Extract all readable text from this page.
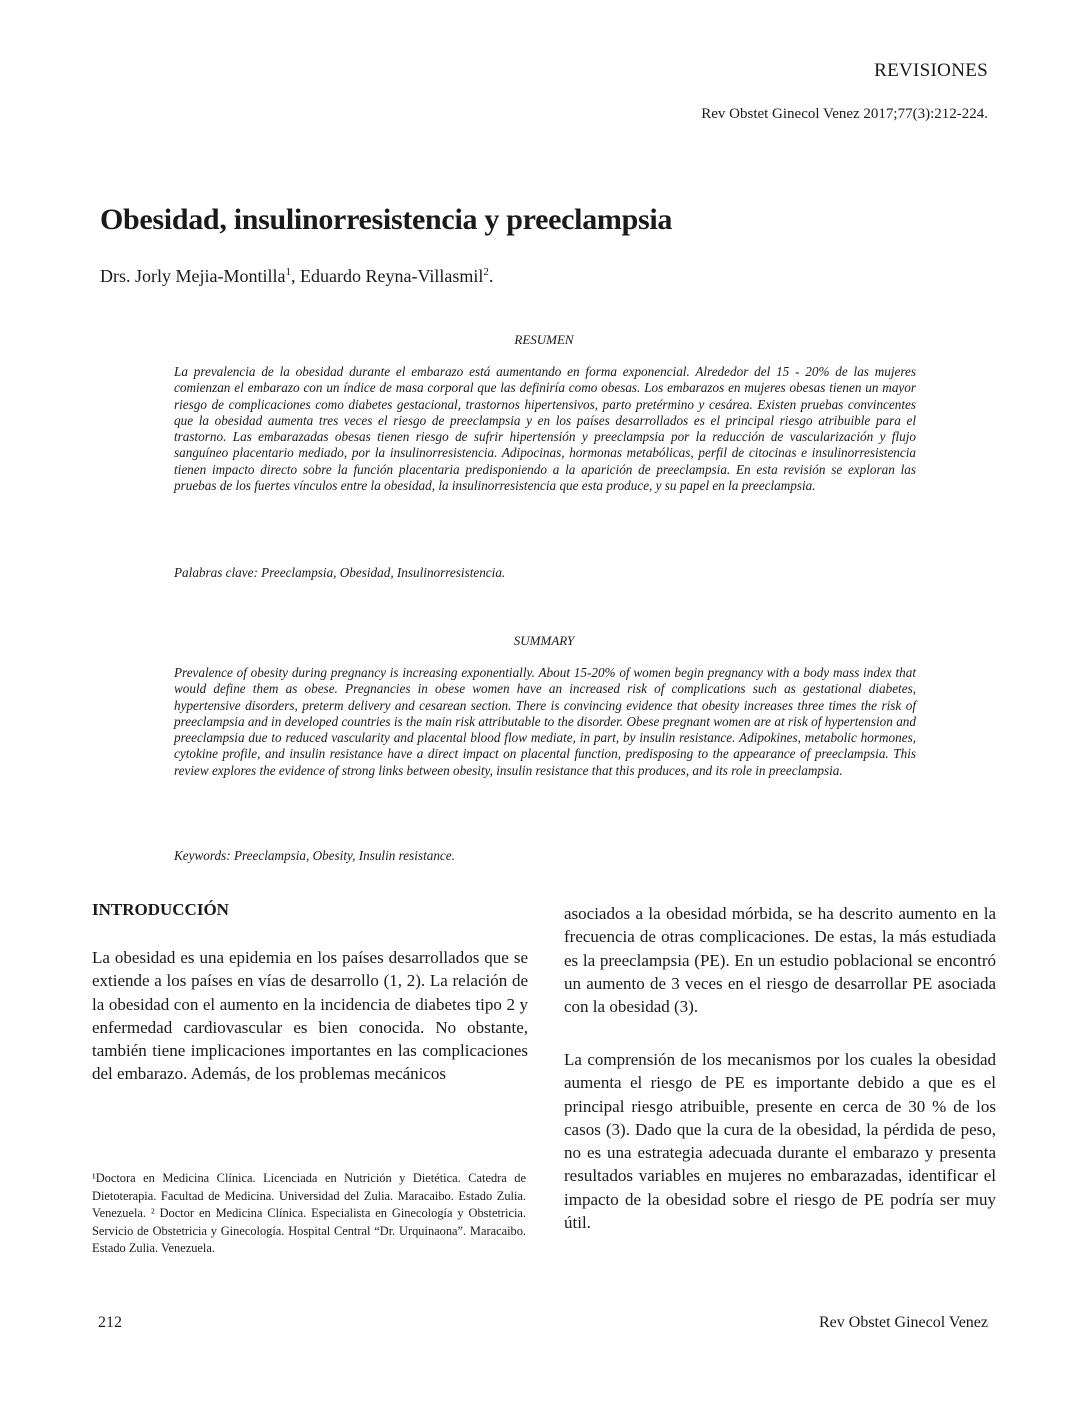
REVISIONES
Rev Obstet Ginecol Venez 2017;77(3):212-224.
Obesidad, insulinorresistencia y preeclampsia
Drs. Jorly Mejia-Montilla$^1$, Eduardo Reyna-Villasmil$^2$.
RESUMEN

La prevalencia de la obesidad durante el embarazo está aumentando en forma exponencial. Alrededor del 15 - 20% de las mujeres comienzan el embarazo con un índice de masa corporal que las definiría como obesas. Los embarazos en mujeres obesas tienen un mayor riesgo de complicaciones como diabetes gestacional, trastornos hipertensivos, parto pretérmino y cesárea. Existen pruebas convincentes que la obesidad aumenta tres veces el riesgo de preeclampsia y en los países desarrollados es el principal riesgo atribuible para el trastorno. Las embarazadas obesas tienen riesgo de sufrir hipertensión y preeclampsia por la reducción de vascularización y flujo sanguíneo placentario mediado, por la insulinorresistencia. Adipocinas, hormonas metabólicas, perfil de citocinas e insulinorresistencia tienen impacto directo sobre la función placentaria predisponiendo a la aparición de preeclampsia. En esta revisión se exploran las pruebas de los fuertes vínculos entre la obesidad, la insulinorresistencia que esta produce, y su papel en la preeclampsia.

Palabras clave: Preeclampsia, Obesidad, Insulinorresistencia.

SUMMARY

Prevalence of obesity during pregnancy is increasing exponentially. About 15-20% of women begin pregnancy with a body mass index that would define them as obese. Pregnancies in obese women have an increased risk of complications such as gestational diabetes, hypertensive disorders, preterm delivery and cesarean section. There is convincing evidence that obesity increases three times the risk of preeclampsia and in developed countries is the main risk attributable to the disorder. Obese pregnant women are at risk of hypertension and preeclampsia due to reduced vascularity and placental blood flow mediate, in part, by insulin resistance. Adipokines, metabolic hormones, cytokine profile, and insulin resistance have a direct impact on placental function, predisposing to the appearance of preeclampsia. This review explores the evidence of strong links between obesity, insulin resistance that this produces, and its role in preeclampsia.

Keywords: Preeclampsia, Obesity, Insulin resistance.

INTRODUCCIÓN

La obesidad es una epidemia en los países desarrollados que se extiende a los países en vías de desarrollo (1, 2). La relación de la obesidad con el aumento en la incidencia de diabetes tipo 2 y enfermedad cardiovascular es bien conocida. No obstante, también tiene implicaciones importantes en las complicaciones del embarazo. Además, de los problemas mecánicos

asociados a la obesidad mórbida, se ha descrito aumento en la frecuencia de otras complicaciones. De estas, la más estudiada es la preeclampsia (PE). En un estudio poblacional se encontró un aumento de 3 veces en el riesgo de desarrollar PE asociada con la obesidad (3).

La comprensión de los mecanismos por los cuales la obesidad aumenta el riesgo de PE es importante debido a que es el principal riesgo atribuible, presente en cerca de 30 % de los casos (3). Dado que la cura de la obesidad, la pérdida de peso, no es una estrategia adecuada durante el embarazo y presenta resultados variables en mujeres no embarazadas, identificar el impacto de la obesidad sobre el riesgo de PE podría ser muy útil.

¹Doctora en Medicina Clínica. Licenciada en Nutrición y Dietética. Catedra de Dietoterapia. Facultad de Medicina. Universidad del Zulia. Maracaibo. Estado Zulia. Venezuela. ² Doctor en Medicina Clínica. Especialista en Ginecología y Obstetricia. Servicio de Obstetricia y Ginecología. Hospital Central “Dr. Urquinaona”. Maracaibo. Estado Zulia. Venezuela.

212	Rev Obstet Ginecol Venez
